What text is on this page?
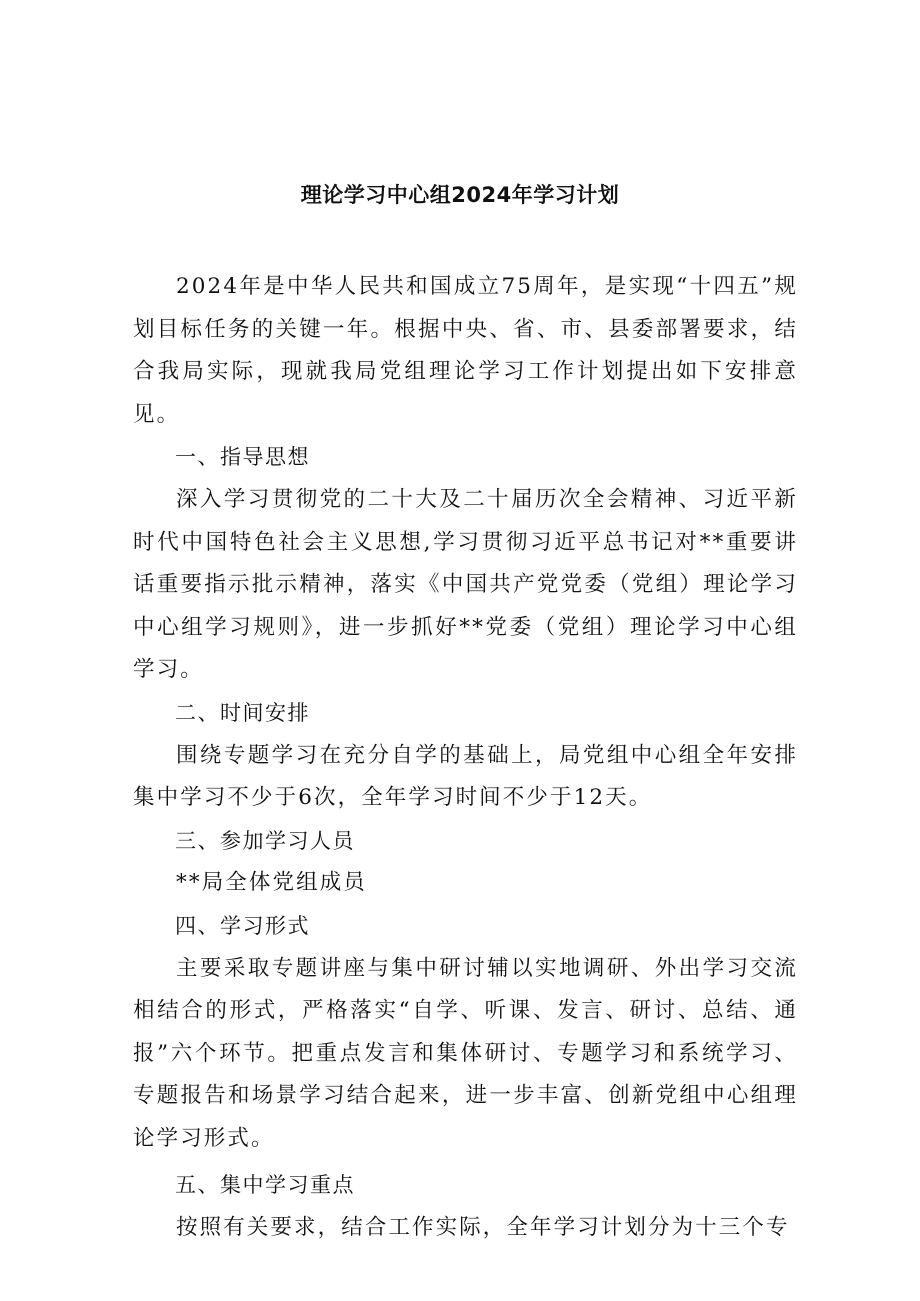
理论学习中心组2024年学习计划

2024年是中华人民共和国成立75周年，是实现“十四五”规划目标任务的关键一年。根据中央、省、市、县委部署要求，结合我局实际，现就我局党组理论学习工作计划提出如下安排意见。

一、指导思想

深入学习贯彻党的二十大及二十届历次全会精神、习近平新时代中国特色社会主义思想,学习贯彻习近平总书记对**重要讲话重要指示批示精神，落实《中国共产党党委（党组）理论学习中心组学习规则》，进一步抓好**党委（党组）理论学习中心组学习。

二、时间安排

围绕专题学习在充分自学的基础上，局党组中心组全年安排集中学习不少于6次，全年学习时间不少于12天。

三、参加学习人员

**局全体党组成员

四、学习形式

主要采取专题讲座与集中研讨辅以实地调研、外出学习交流相结合的形式，严格落实“自学、听课、发言、研讨、总结、通报”六个环节。把重点发言和集体研讨、专题学习和系统学习、专题报告和场景学习结合起来，进一步丰富、创新党组中心组理论学习形式。

五、集中学习重点

按照有关要求，结合工作实际，全年学习计划分为十三个专
